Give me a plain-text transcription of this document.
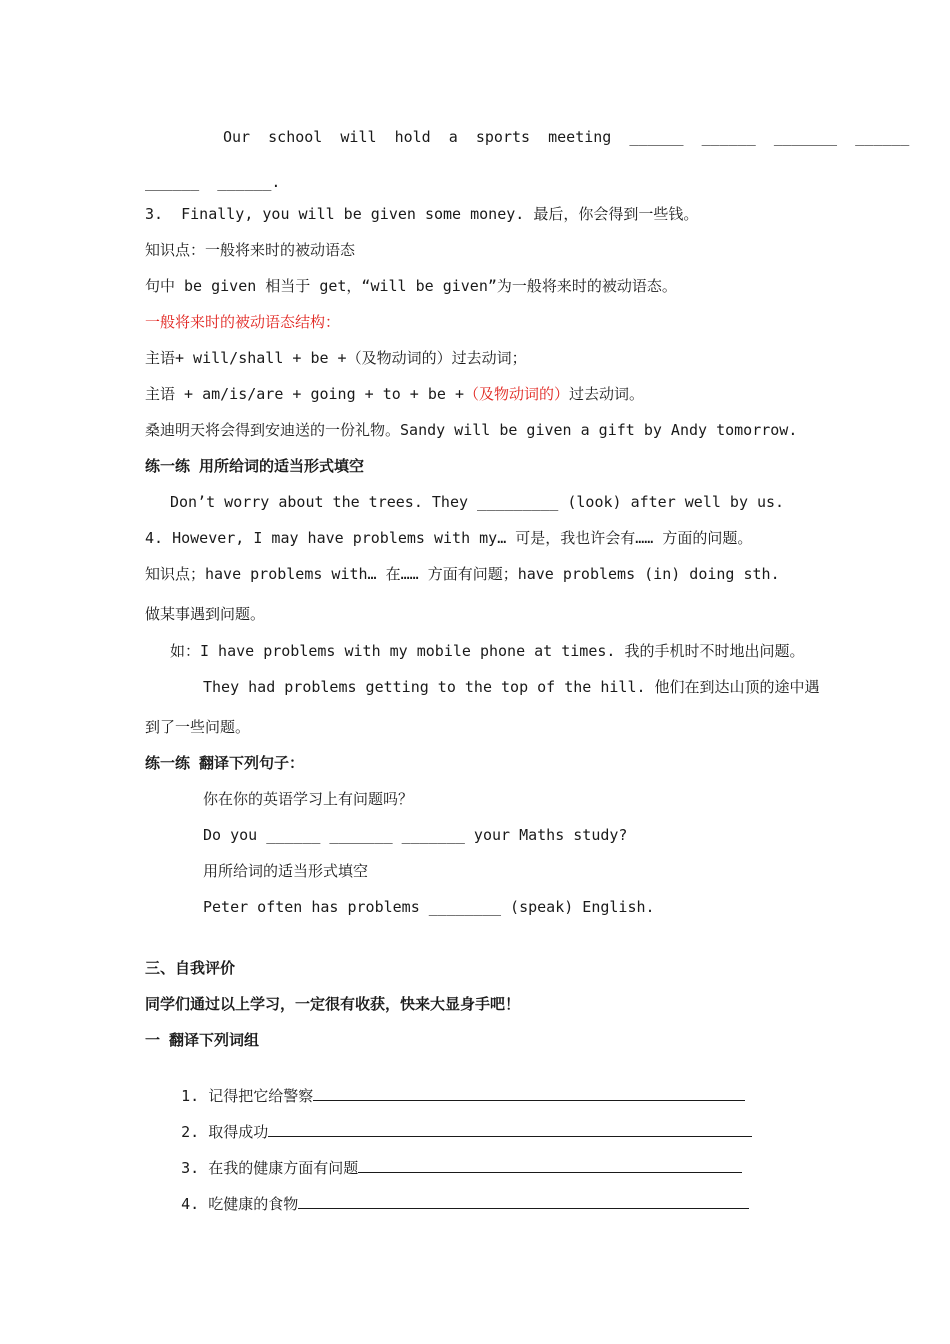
Our  school  will  hold  a  sports  meeting  ______  ______  _______  ______
______  ______.
3.  Finally, you will be given some money. 最后，你会得到一些钱。
知识点：一般将来时的被动语态
句中 be given 相当于 get，“will be given”为一般将来时的被动语态。
一般将来时的被动语态结构：
主语+ will/shall + be +（及物动词的）过去动词；
主语 + am/is/are + going + to + be +（及物动词的）过去动词。
桑迪明天将会得到安迪送的一份礼物。Sandy will be given a gift by Andy tomorrow.
练一练 用所给词的适当形式填空
Don’t worry about the trees. They _________ (look) after well by us.
4. However, I may have problems with my… 可是，我也许会有…… 方面的问题。
知识点；have problems with… 在…… 方面有问题；have problems (in) doing sth.
做某事遇到问题。
如：I have problems with my mobile phone at times. 我的手机时不时地出问题。
They had problems getting to the top of the hill. 他们在到达山顶的途中遇
到了一些问题。
练一练 翻译下列句子：
你在你的英语学习上有问题吗？
Do you ______ _______ _______ your Maths study?
用所给词的适当形式填空
Peter often has problems ________ (speak) English.
三、自我评价
同学们通过以上学习，一定很有收获，快来大显身手吧！
一 翻译下列词组

1. 记得把它给警察

2. 取得成功

3. 在我的健康方面有问题

4. 吃健康的食物
